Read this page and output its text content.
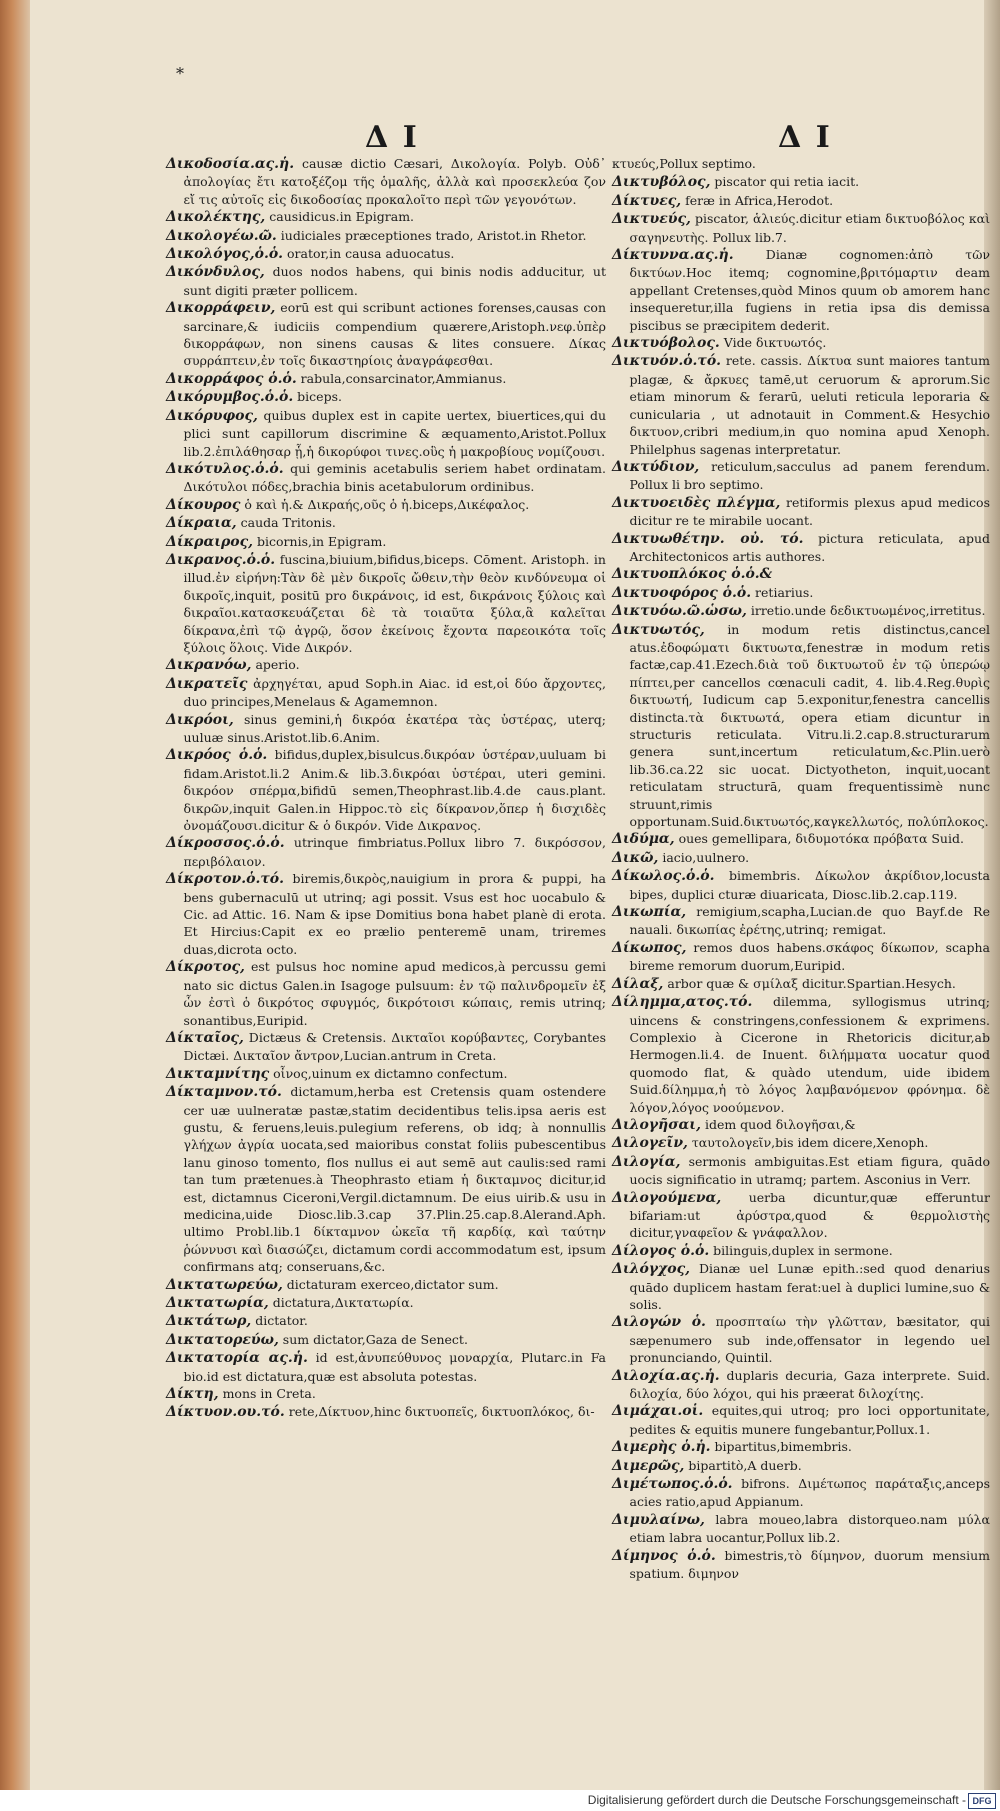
*
Δ I	Δ I

Δικοδοσία.ας.ἡ. causæ dictio Cæsari, Δικολογία. Polyb. Οὐδ᾽ ἀπολογίας ἔτι κατοξέζομ τῆς ὁμαλῆς, ἀλλὰ καὶ προσεκλεύα ζον εἴ τις αὐτοῖς εἰς δικοδοσίας προκαλοῖτο περὶ τῶν γεγονότων.

Δικολέκτης, causidicus.in Epigram.

Δικολογέω.ῶ. iudiciales præceptiones trado, Aristot.in Rhetor.

Δικολόγος,ὁ.ὁ. orator,in causa aduocatus.

Δικόνδυλος, duos nodos habens, qui binis nodis adducitur, ut sunt digiti præter pollicem.

Δικορράφειν, eorū est qui scribunt actiones forenses,causas con sarcinare,& iudiciis compendium quærere,Aristoph.νεφ.ὑπὲρ δικορράφων, non sinens causas & lites consuere. Δίκας συρράπτειν,ἐν τοῖς δικαστηρίοις ἀναγράφεσθαι.

Δικορράφος ὁ.ὁ. rabula,consarcinator,Ammianus.

Δικόρυμβος.ὁ.ὁ. biceps.

Δικόρυφος, quibus duplex est in capite uertex, biuertices,qui du plici sunt capillorum discrimine & æquamento,Aristot.Pollux lib.2.ἐπιλάθησαρ ᾗ,ἡ δικορύφοι τινες.οὓς ἡ μακροβίους νομίζουσι.

Δικότυλος.ὁ.ὁ. qui geminis acetabulis seriem habet ordinatam. Δικότυλοι πόδες,brachia binis acetabulorum ordinibus.

Δίκουρος ὁ καὶ ἡ.& Δικραής,οῦς ὁ ἡ.biceps,Δικέφαλος.

Δίκραια, cauda Tritonis.

Δίκραιρος, bicornis,in Epigram.

Δικρανος.ὁ.ὁ. fuscina,biuium,bifidus,biceps. Cōment. Aristoph. in illud.ἐν εἰρήνη:Τὰν δὲ μὲν δικροῖς ὤθειν,τὴν θεὸν κινδύνευμα οἱ δικροῖς,inquit, positū pro δικράνοις, id est, δικράνοις ξύλοις καὶ δικραῖοι.κατασκευάζεται δὲ τὰ τοιαῦτα ξύλα,ἃ καλεῖται δίκρανα,ἐπὶ τῷ ἀγρῷ, ὅσον ἐκείνοις ἔχοντα παρεοικότα τοῖς ξύλοις ὅλοις. Vide Δικρόν.

Δικρανόω, aperio.

Δικρατεῖς ἀρχηγέται, apud Soph.in Aiac. id est,οἱ δύο ἄρχοντες, duo principes,Menelaus & Agamemnon.

Δικρόοι, sinus gemini,ἡ δικρόα ἑκατέρα τὰς ὑστέρας, uterq; uuluæ sinus.Aristot.lib.6.Anim.

Δικρόος ὁ.ὁ. bifidus,duplex,bisulcus.δικρόαν ὑστέραν,uuluam bi fidam.Aristot.li.2 Anim.& lib.3.δικρόαι ὑστέραι, uteri gemini. δικρόον σπέρμα,bifidū semen,Theophrast.lib.4.de caus.plant. δικρῶν,inquit Galen.in Hippoc.τὸ εἰς δίκρανον,ὅπερ ἡ δισχιδὲς ὀνομάζουσι.dicitur & ὁ δικρόν. Vide Δικρανος.

Δίκροσσος.ὁ.ὁ. utrinque fimbriatus.Pollux libro 7. δικρόσσον, περιβόλαιον.

Δίκροτον.ὁ.τό. biremis,δικρὸς,nauigium in prora & puppi, ha bens gubernaculū ut utrinq; agi possit. Vsus est hoc uocabulo & Cic. ad Attic. 16. Nam & ipse Domitius bona habet planè di erota. Et Hircius:Capit ex eo prælio penteremē unam, triremes duas,dicrota octo.

Δίκροτος, est pulsus hoc nomine apud medicos,à percussu gemi nato sic dictus Galen.in Isagoge pulsuum: ἐν τῷ παλινδρομεῖν ἐξ ὧν ἐστὶ ὁ δικρότος σφυγμός, δικρότοισι κώπαις, remis utrinq; sonantibus,Euripid.

Δίκταῖος, Dictæus & Cretensis. Δικταῖοι κορύβαντες, Corybantes Dictæi. Δικταῖον ἄντρον,Lucian.antrum in Creta.

Δικταμνίτης οἶνος,uinum ex dictamno confectum.

Δίκταμνον.τό. dictamum,herba est Cretensis quam ostendere cer uæ uulneratæ pastæ,statim decidentibus telis.ipsa aeris est gustu, & feruens,leuis.pulegium referens, ob idq; à nonnullis γλήχων ἀγρία uocata,sed maioribus constat foliis pubescentibus lanu ginoso tomento, flos nullus ei aut semē aut caulis:sed rami tan tum prætenues.à Theophrasto etiam ἡ δικταμνος dicitur,id est, dictamnus Ciceroni,Vergil.dictamnum. De eius uirib.& usu in medicina,uide Diosc.lib.3.cap 37.Plin.25.cap.8.Alerand.Aph. ultimo Probl.lib.1 δίκταμνον ὠκεῖα τῆ καρδίᾳ, καὶ ταύτην ῥώννυσι καὶ διασώζει, dictamum cordi accommodatum est, ipsum confirmans atq; conseruans,&c.

Δικτατωρεύω, dictaturam exerceo,dictator sum.

Δικτατωρία, dictatura,Δικτατωρία.

Δικτάτωρ, dictator.

Δικτατορεύω, sum dictator,Gaza de Senect.

Δικτατορία ας.ἡ. id est,ἀνυπεύθυνος μοναρχία, Plutarc.in Fa bio.id est dictatura,quæ est absoluta potestas.

Δίκτη, mons in Creta.

Δίκτυον.ου.τό. rete,Δίκτυον,hinc δικτυοπεῖς, δικτυοπλόκος, δι-

κτυεύς,Pollux septimo.

Δικτυβόλος, piscator qui retia iacit.

Δίκτυες, feræ in Africa,Herodot.

Δικτυεύς, piscator, ἁλιεύς.dicitur etiam δικτυοβόλος καὶ σαγηνευτὴς. Pollux lib.7.

Δίκτυννα.ας.ἡ. Dianæ cognomen:ἀπὸ τῶν δικτύων.Hoc itemq; cognomine,βριτόμαρτιν deam appellant Cretenses,quòd Minos quum ob amorem hanc insequeretur,illa fugiens in retia ipsa dis demissa piscibus se præcipitem dederit.

Δικτυόβολος. Vide δικτυωτός.

Δικτυόν.ὁ.τό. rete. cassis. Δίκτυα sunt maiores tantum plagæ, & ἄρκυες tamē,ut ceruorum & aprorum.Sic etiam minorum & ferarū, ueluti reticula leporaria & cunicularia , ut adnotauit in Comment.& Hesychio δικτυον,cribri medium,in quo nomina apud Xenoph. Philelphus sagenas interpretatur.

Δικτύδιον, reticulum,sacculus ad panem ferendum. Pollux li bro septimo.

Δικτυοειδὲς πλέγμα, retiformis plexus apud medicos dicitur re te mirabile uocant.

Δικτυωθέτην. οὐ. τό. pictura reticulata, apud Architectonicos artis authores.

Δικτυοπλόκος ὁ.ὁ.&

Δικτυοφόρος ὁ.ὁ. retiarius.

Δικτυόω.ῶ.ὡσω, irretio.unde δεδικτυωμένος,irretitus.

Δικτυωτός, in modum retis distinctus,cancel atus.ἐδοφώματι δικτυωτα,fenestræ in modum retis factæ,cap.41.Ezech.διὰ τοῦ δικτυωτοῦ ἐν τῷ ὑπερώῳ πίπτει,per cancellos cœnaculi cadit, 4. lib.4.Reg.θυρὶς δικτυωτή, Iudicum cap 5.exponitur,fenestra cancellis distincta.τὰ δικτυωτά, opera etiam dicuntur in structuris reticulata. Vitru.li.2.cap.8.structurarum genera sunt,incertum reticulatum,&c.Plin.uerò lib.36.ca.22 sic uocat. Dictyotheton, inquit,uocant reticulatam structurā, quam frequentissimè nunc struunt,rimis opportunam.Suid.δικτυωτός,καγκελλωτός, πολύπλοκος.

Διδύμα, oues gemellipara, διδυμοτόκα πρόβατα Suid.

Δικῶ, iacio,uulnero.

Δίκωλος.ὁ.ὁ. bimembris. Δίκωλον ἀκρίδιον,locusta bipes, duplici cturæ diuaricata, Diosc.lib.2.cap.119.

Δικωπία, remigium,scapha,Lucian.de quo Bayf.de Re nauali. δικωπίας ἐρέτης,utrinq; remigat.

Δίκωπος, remos duos habens.σκάφος δίκωπον, scapha bireme remorum duorum,Euripid.

Δίλαξ, arbor quæ & σμίλαξ dicitur.Spartian.Hesych.

Δίλημμα,ατος.τό. dilemma, syllogismus utrinq; uincens & constringens,confessionem & exprimens. Complexio à Cicerone in Rhetoricis dicitur,ab Hermogen.li.4. de Inuent. διλήμματα uocatur quod quomodo flat, & quàdo utendum, uide ibidem Suid.δίλημμα,ἡ τὸ λόγος λαμβανόμενον φρόνημα. δὲ λόγον,λόγος νοούμενον.

Διλογῆσαι, idem quod διλογῆσαι,&

Διλογεῖν, ταυτολογεῖν,bis idem dicere,Xenoph.

Διλογία, sermonis ambiguitas.Est etiam figura, quādo uocis significatio in utramq; partem. Asconius in Verr.

Διλογούμενα, uerba dicuntur,quæ efferuntur bifariam:ut ἀρύστρα,quod & θερμολιστὴς dicitur,γναφεῖον & γνάφαλλον.

Δίλογος ὁ.ὁ. bilinguis,duplex in sermone.

Διλόγχος, Dianæ uel Lunæ epith.:sed quod denarius quādo duplicem hastam ferat:uel à duplici lumine,suo & solis.

Διλογών ὁ. προσπταίω τὴν γλῶτταν, bæsitator, qui sæpenumero sub inde,offensator in legendo uel pronunciando, Quintil.

Διλοχία.ας.ἡ. duplaris decuria, Gaza interprete. Suid. διλοχία, δύο λόχοι, qui his præerat διλοχίτης.

Διμάχαι.οἱ. equites,qui utroq; pro loci opportunitate, pedites & equitis munere fungebantur,Pollux.1.

Διμερὴς ὁ.ἡ. bipartitus,bimembris.

Διμερῶς, bipartitò,A duerb.

Διμέτωπος.ὁ.ὁ. bifrons. Διμέτωπος παράταξις,anceps acies ratio,apud Appianum.

Διμυλαίνω, labra moueo,labra distorqueo.nam μύλα etiam labra uocantur,Pollux lib.2.

Δίμηνος ὁ.ὁ. bimestris,τὸ δίμηνον, duorum mensium spatium. διμηνον

Digitalisierung gefördert durch die Deutsche Forschungsgemeinschaft - DFG
